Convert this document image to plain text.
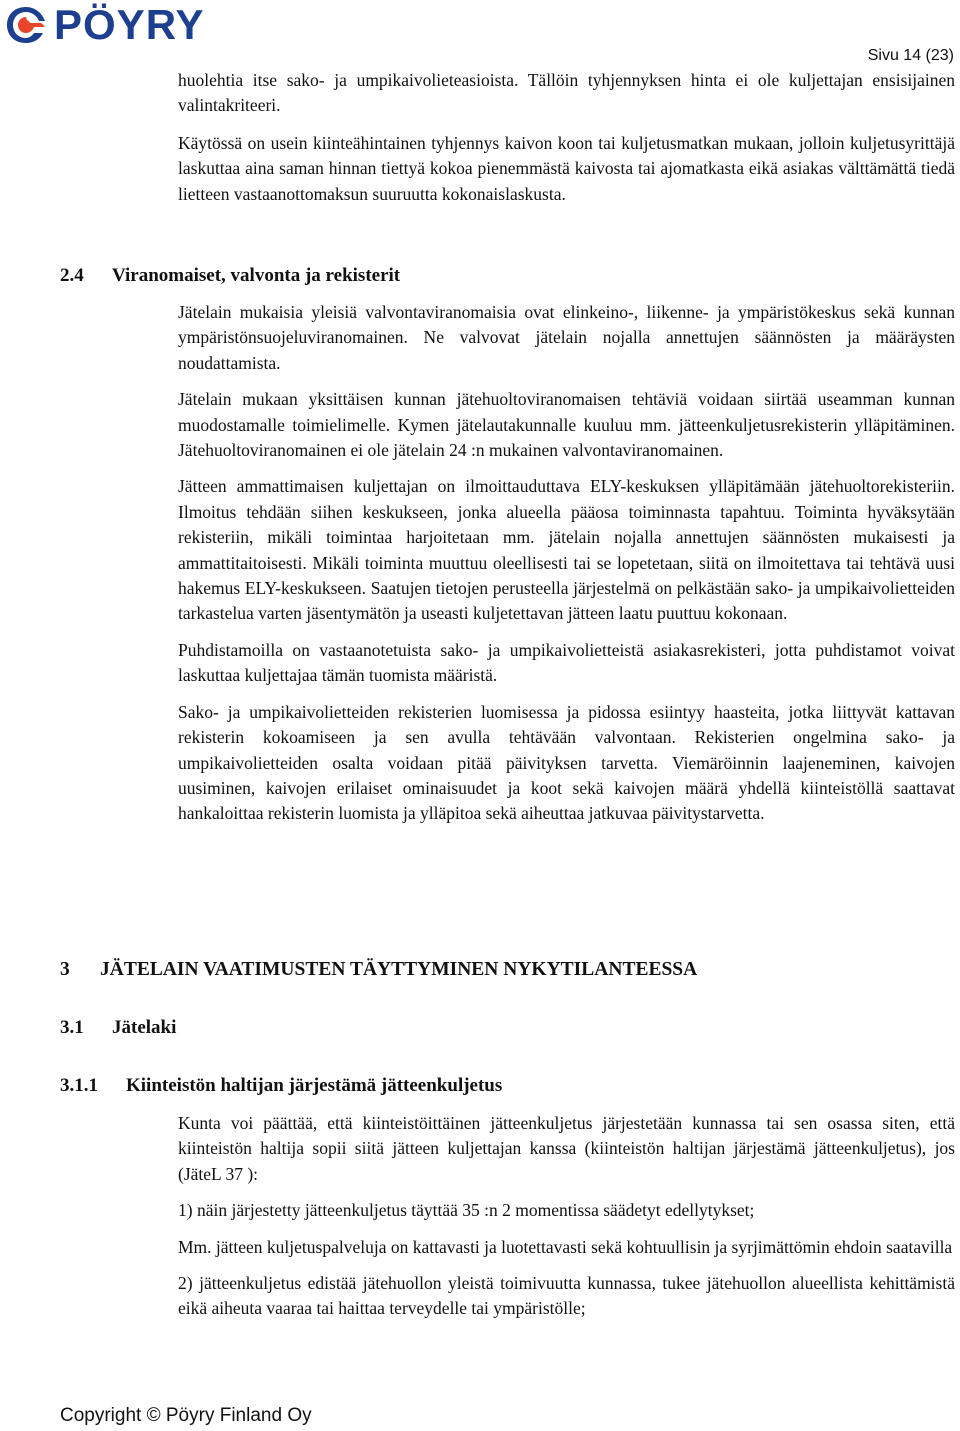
PÖYRY
Sivu 14 (23)

huolehtia itse sako- ja umpikaivolieteasioista. Tällöin tyhjennyksen hinta ei ole kuljettajan ensisijainen valintakriteeri.

Käytössä on usein kiinteähintainen tyhjennys kaivon koon tai kuljetusmatkan mukaan, jolloin kuljetusyrittäjä laskuttaa aina saman hinnan tiettyä kokoa pienemmästä kaivosta tai ajomatkasta eikä asiakas välttämättä tiedä lietteen vastaanottomaksun suuruutta kokonaislaskusta.

2.4 Viranomaiset, valvonta ja rekisterit

Jätelain mukaisia yleisiä valvontaviranomaisia ovat elinkeino-, liikenne- ja ympäristökeskus sekä kunnan ympäristönsuojeluviranomainen. Ne valvovat jätelain nojalla annettujen säännösten ja määräysten noudattamista.

Jätelain mukaan yksittäisen kunnan jätehuoltoviranomaisen tehtäviä voidaan siirtää useamman kunnan muodostamalle toimielimelle. Kymen jätelautakunnalle kuuluu mm. jätteenkuljetusrekisterin ylläpitäminen. Jätehuoltoviranomainen ei ole jätelain 24 :n mukainen valvontaviranomainen.

Jätteen ammattimaisen kuljettajan on ilmoittauduttava ELY-keskuksen ylläpitämään jätehuoltorekisteriin. Ilmoitus tehdään siihen keskukseen, jonka alueella pääosa toiminnasta tapahtuu. Toiminta hyväksytään rekisteriin, mikäli toimintaa harjoitetaan mm. jätelain nojalla annettujen säännösten mukaisesti ja ammattitaitoisesti. Mikäli toiminta muuttuu oleellisesti tai se lopetetaan, siitä on ilmoitettava tai tehtävä uusi hakemus ELY-keskukseen. Saatujen tietojen perusteella järjestelmä on pelkästään sako- ja umpikaivolietteiden tarkastelua varten jäsentymätön ja useasti kuljetettavan jätteen laatu puuttuu kokonaan.

Puhdistamoilla on vastaanotetuista sako- ja umpikaivolietteistä asiakasrekisteri, jotta puhdistamot voivat laskuttaa kuljettajaa tämän tuomista määristä.

Sako- ja umpikaivolietteiden rekisterien luomisessa ja pidossa esiintyy haasteita, jotka liittyvät kattavan rekisterin kokoamiseen ja sen avulla tehtävään valvontaan. Rekisterien ongelmina sako- ja umpikaivolietteiden osalta voidaan pitää päivityksen tarvetta. Viemäröinnin laajeneminen, kaivojen uusiminen, kaivojen erilaiset ominaisuudet ja koot sekä kaivojen määrä yhdellä kiinteistöllä saattavat hankaloittaa rekisterin luomista ja ylläpitoa sekä aiheuttaa jatkuvaa päivitystarvetta.

3 JÄTELAIN VAATIMUSTEN TÄYTTYMINEN NYKYTILANTEESSA
3.1 Jätelaki
3.1.1 Kiinteistön haltijan järjestämä jätteenkuljetus

Kunta voi päättää, että kiinteistöittäinen jätteenkuljetus järjestetään kunnassa tai sen osassa siten, että kiinteistön haltija sopii siitä jätteen kuljettajan kanssa (kiinteistön haltijan järjestämä jätteenkuljetus), jos (JäteL 37 ):

1) näin järjestetty jätteenkuljetus täyttää 35 :n 2 momentissa säädetyt edellytykset;

Mm. jätteen kuljetuspalveluja on kattavasti ja luotettavasti sekä kohtuullisin ja syrjimättömin ehdoin saatavilla

2) jätteenkuljetus edistää jätehuollon yleistä toimivuutta kunnassa, tukee jätehuollon alueellista kehittämistä eikä aiheuta vaaraa tai haittaa terveydelle tai ympäristölle;

Copyright © Pöyry Finland Oy
